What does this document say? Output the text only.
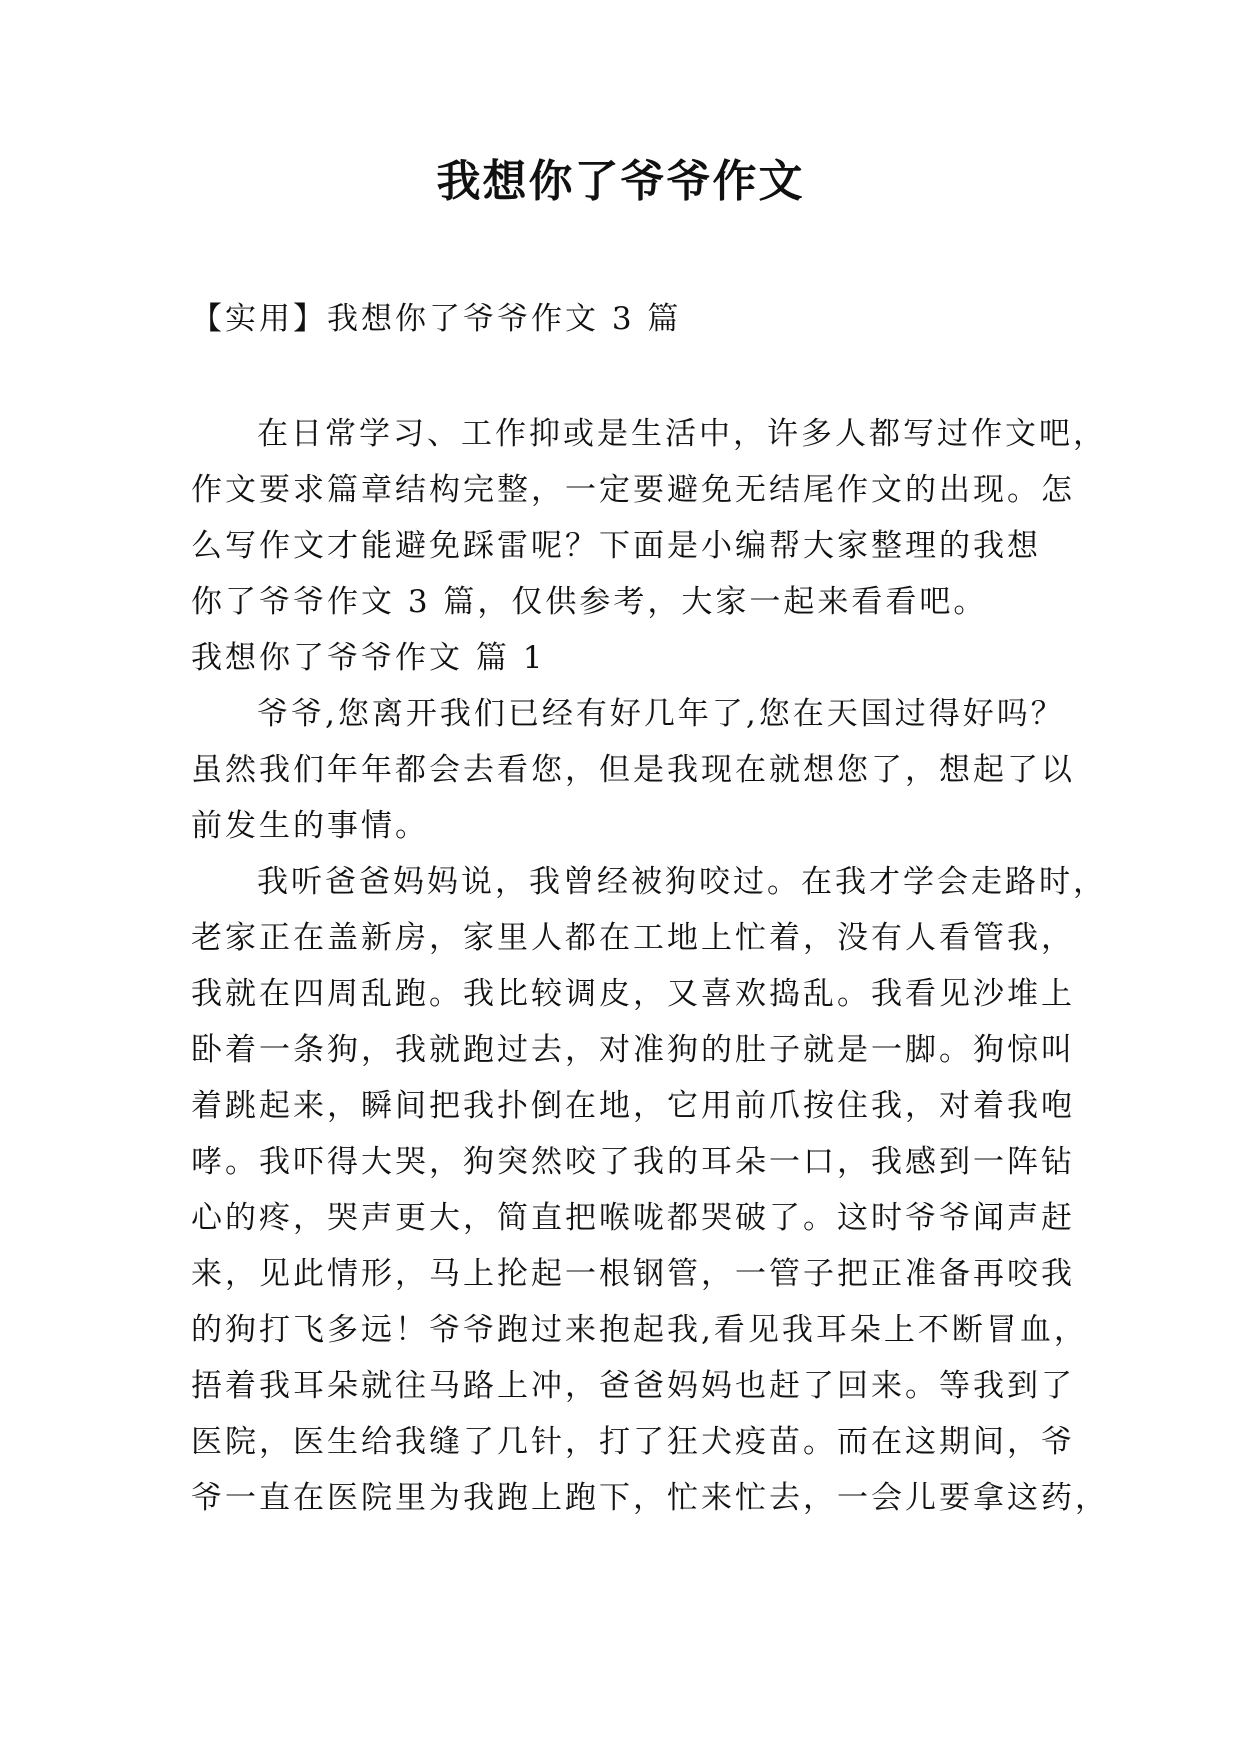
我想你了爷爷作文
【实用】我想你了爷爷作文 3 篇
在日常学习、工作抑或是生活中，许多人都写过作文吧，
作文要求篇章结构完整，一定要避免无结尾作文的出现。怎
么写作文才能避免踩雷呢？下面是小编帮大家整理的我想
你了爷爷作文 3 篇，仅供参考，大家一起来看看吧。
我想你了爷爷作文 篇 1
爷爷,您离开我们已经有好几年了,您在天国过得好吗？
虽然我们年年都会去看您，但是我现在就想您了，想起了以
前发生的事情。
我听爸爸妈妈说，我曾经被狗咬过。在我才学会走路时，
老家正在盖新房，家里人都在工地上忙着，没有人看管我，
我就在四周乱跑。我比较调皮，又喜欢捣乱。我看见沙堆上
卧着一条狗，我就跑过去，对准狗的肚子就是一脚。狗惊叫
着跳起来，瞬间把我扑倒在地，它用前爪按住我，对着我咆
哮。我吓得大哭，狗突然咬了我的耳朵一口，我感到一阵钻
心的疼，哭声更大，简直把喉咙都哭破了。这时爷爷闻声赶
来，见此情形，马上抡起一根钢管，一管子把正准备再咬我
的狗打飞多远！爷爷跑过来抱起我,看见我耳朵上不断冒血，
捂着我耳朵就往马路上冲，爸爸妈妈也赶了回来。等我到了
医院，医生给我缝了几针，打了狂犬疫苗。而在这期间，爷
爷一直在医院里为我跑上跑下，忙来忙去，一会儿要拿这药，
